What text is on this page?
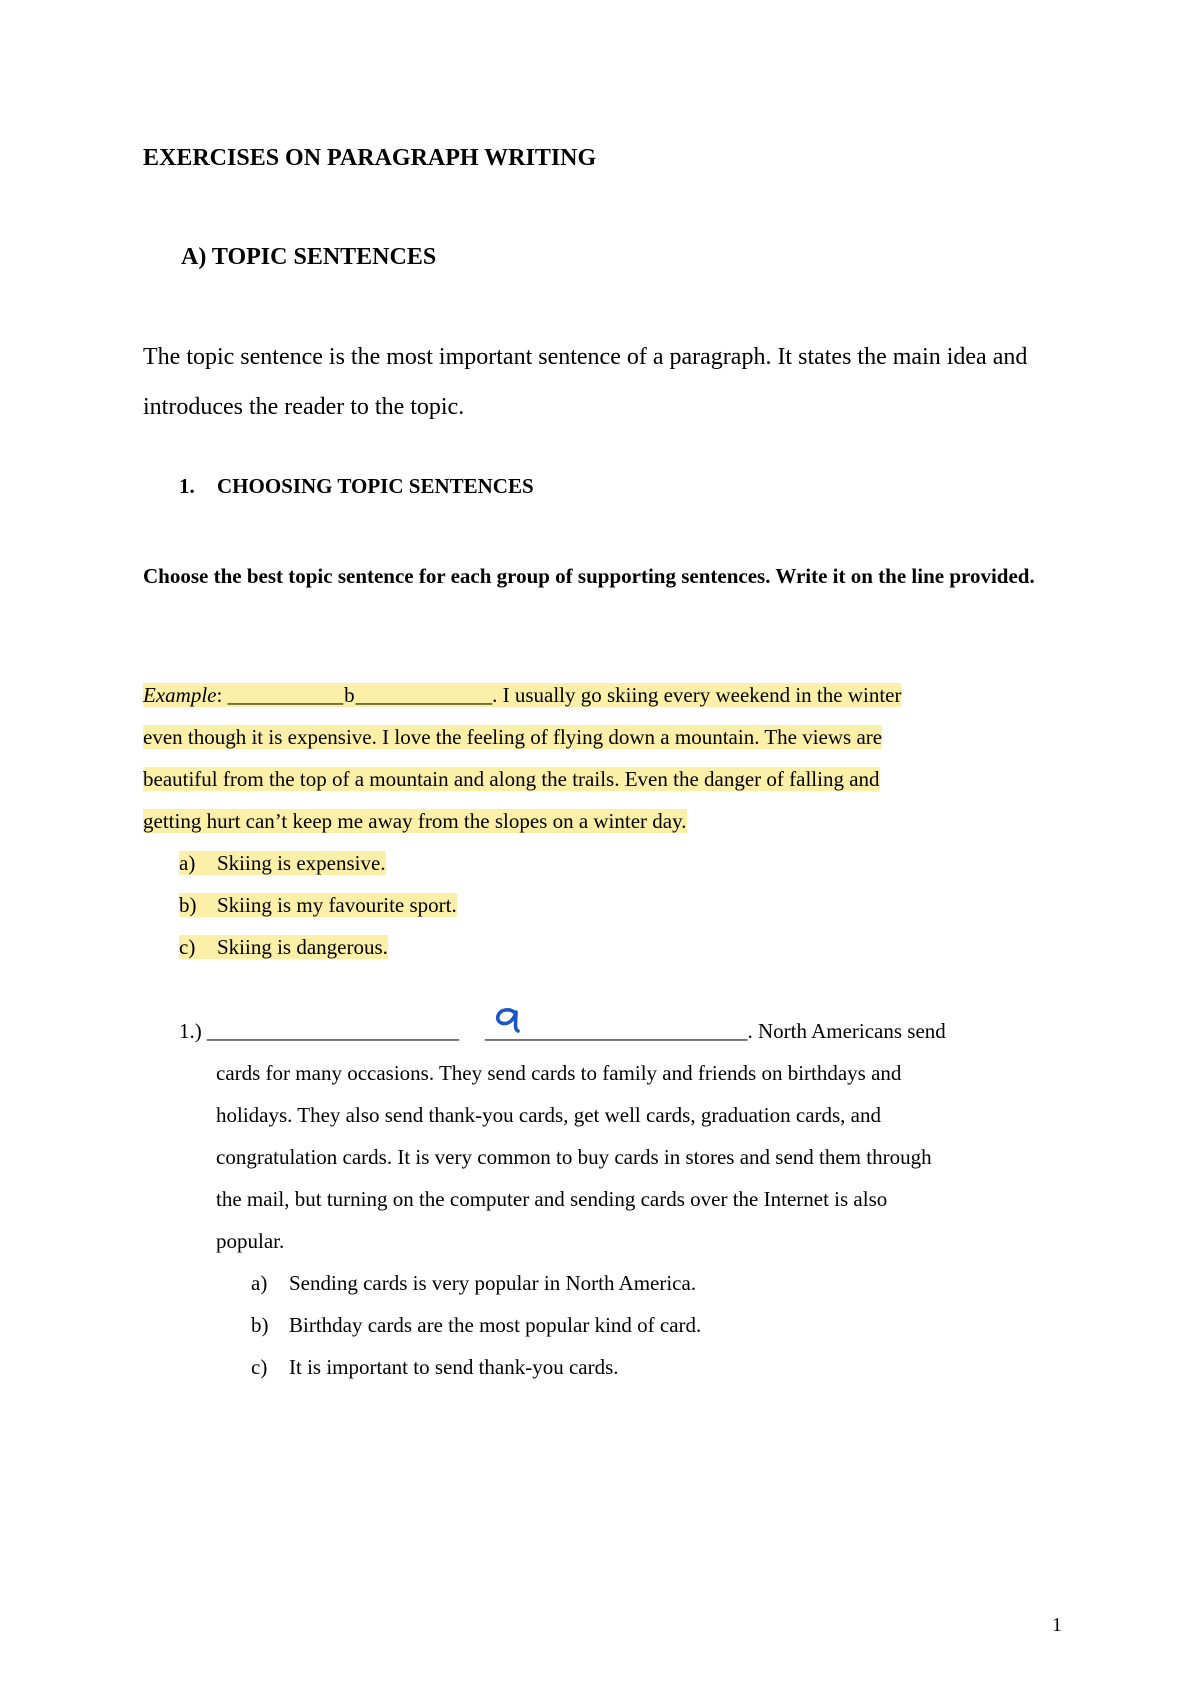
EXERCISES ON PARAGRAPH WRITING
A) TOPIC SENTENCES
The topic sentence is the most important sentence of a paragraph. It states the main idea and introduces the reader to the topic.
1. CHOOSING TOPIC SENTENCES
Choose the best topic sentence for each group of supporting sentences. Write it on the line provided.
Example: ___________b_____________. I usually go skiing every weekend in the winter
even though it is expensive. I love the feeling of flying down a mountain. The views are
beautiful from the top of a mountain and along the trails. Even the danger of falling and
getting hurt can’t keep me away from the slopes on a winter day.
a) Skiing is expensive.
b) Skiing is my favourite sport.
c) Skiing is dangerous.
1.) ________________________ _________________________. North Americans send
cards for many occasions. They send cards to family and friends on birthdays and
holidays. They also send thank-you cards, get well cards, graduation cards, and
congratulation cards. It is very common to buy cards in stores and send them through
the mail, but turning on the computer and sending cards over the Internet is also
popular.
a) Sending cards is very popular in North America.
b) Birthday cards are the most popular kind of card.
c) It is important to send thank-you cards.
1
